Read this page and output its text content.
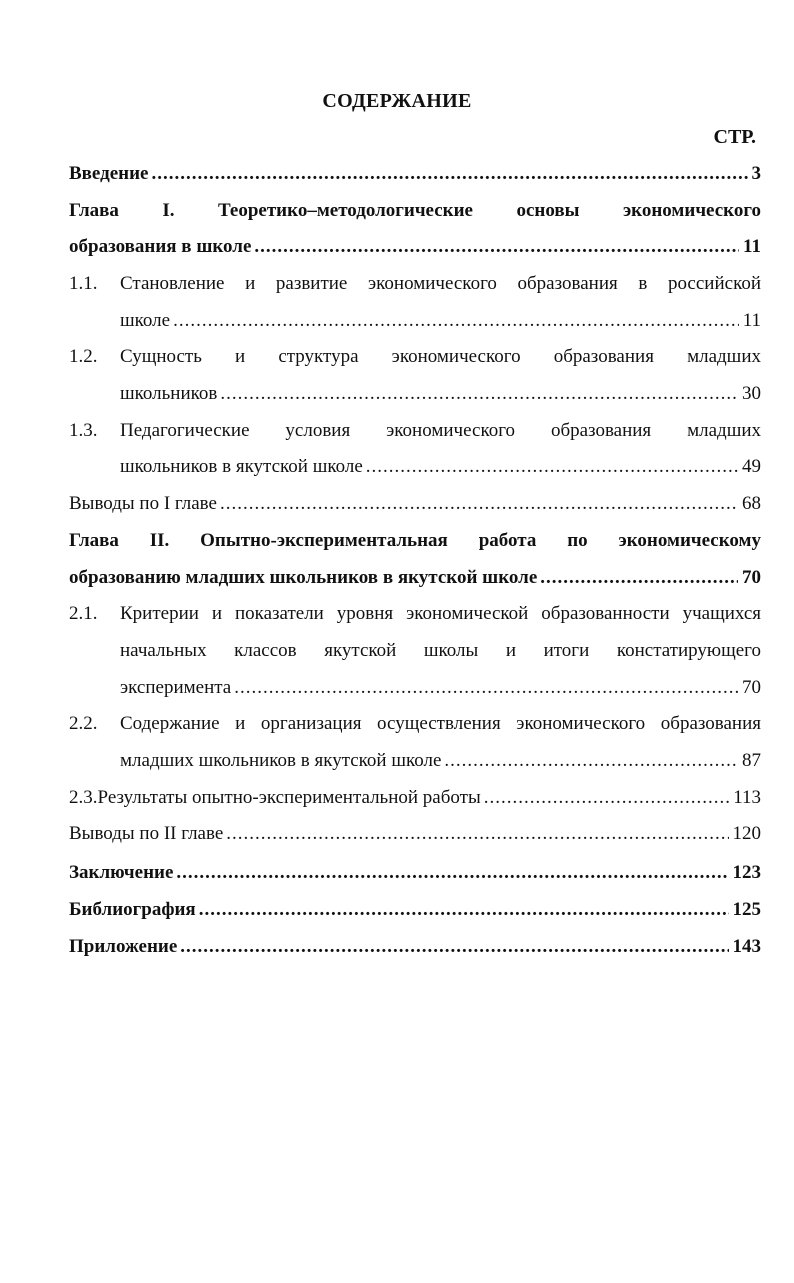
СОДЕРЖАНИЕ
СТР.
Введение .....	3
Глава I. Теоретико–методологические основы экономического
образования в школе .....	11
1.1.	Становление и развитие экономического образования в российской
школе .....	11
1.2.	Сущность и структура экономического образования младших
школьников .....	30
1.3.	Педагогические условия экономического образования младших
школьников в якутской школе .....	49
Выводы по I главе .....	68
Глава II. Опытно-экспериментальная работа по экономическому
образованию младших школьников в якутской школе .....	70
2.1.	Критерии и показатели уровня экономической образованности учащихся
начальных классов якутской школы и итоги констатирующего
эксперимента .....	70
2.2.	Содержание и организация осуществления экономического образования
младших школьников в якутской школе .....	87
2.3. Результаты опытно-экспериментальной работы .....	113
Выводы по II главе .....	120
Заключение .....	123
Библиография .....	125
Приложение .....	143
